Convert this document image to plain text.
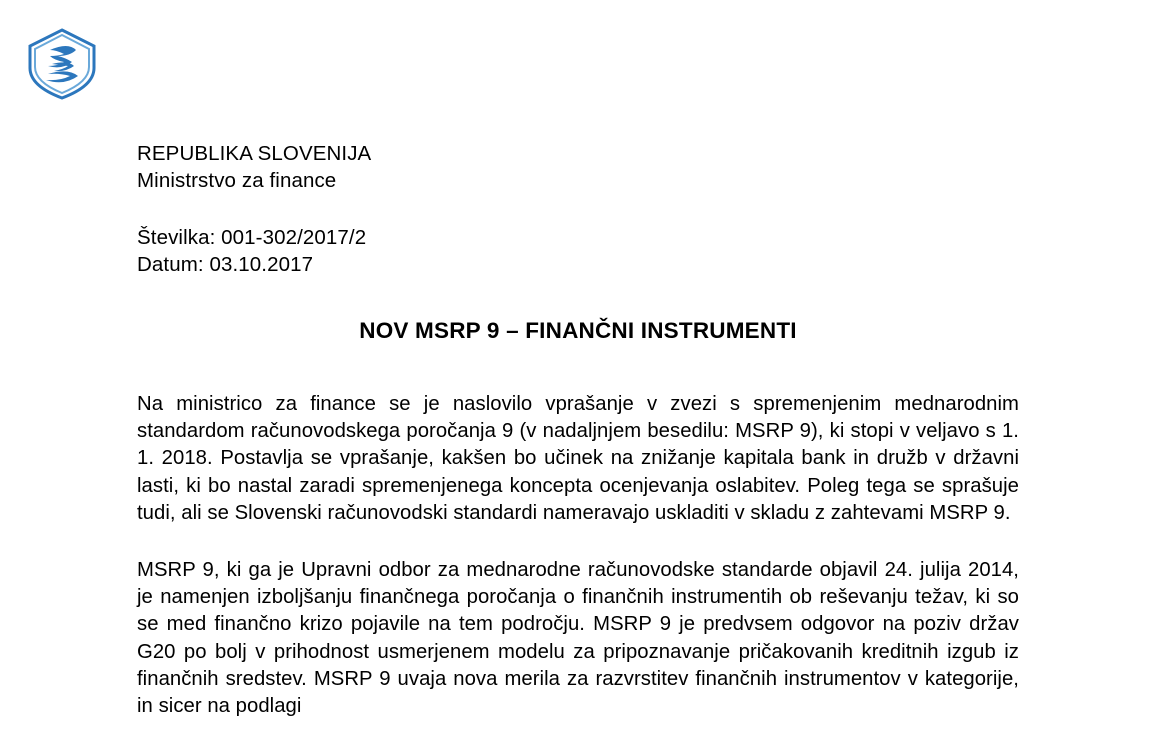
REPUBLIKA SLOVENIJA
Ministrstvo za finance
Številka: 001-302/2017/2
Datum: 03.10.2017
NOV MSRP 9 – FINANČNI INSTRUMENTI

Na ministrico za finance se je naslovilo vprašanje v zvezi s spremenjenim mednarodnim standardom računovodskega poročanja 9 (v nadaljnjem besedilu: MSRP 9), ki stopi v veljavo s 1. 1. 2018. Postavlja se vprašanje, kakšen bo učinek na znižanje kapitala bank in družb v državni lasti, ki bo nastal zaradi spremenjenega koncepta ocenjevanja oslabitev. Poleg tega se sprašuje tudi, ali se Slovenski računovodski standardi nameravajo uskladiti v skladu z zahtevami MSRP 9.

MSRP 9, ki ga je Upravni odbor za mednarodne računovodske standarde objavil 24. julija 2014, je namenjen izboljšanju finančnega poročanja o finančnih instrumentih ob reševanju težav, ki so se med finančno krizo pojavile na tem področju. MSRP 9 je predvsem odgovor na poziv držav G20 po bolj v prihodnost usmerjenem modelu za pripoznavanje pričakovanih kreditnih izgub iz finančnih sredstev. MSRP 9 uvaja nova merila za razvrstitev finančnih instrumentov v kategorije, in sicer na podlagi
